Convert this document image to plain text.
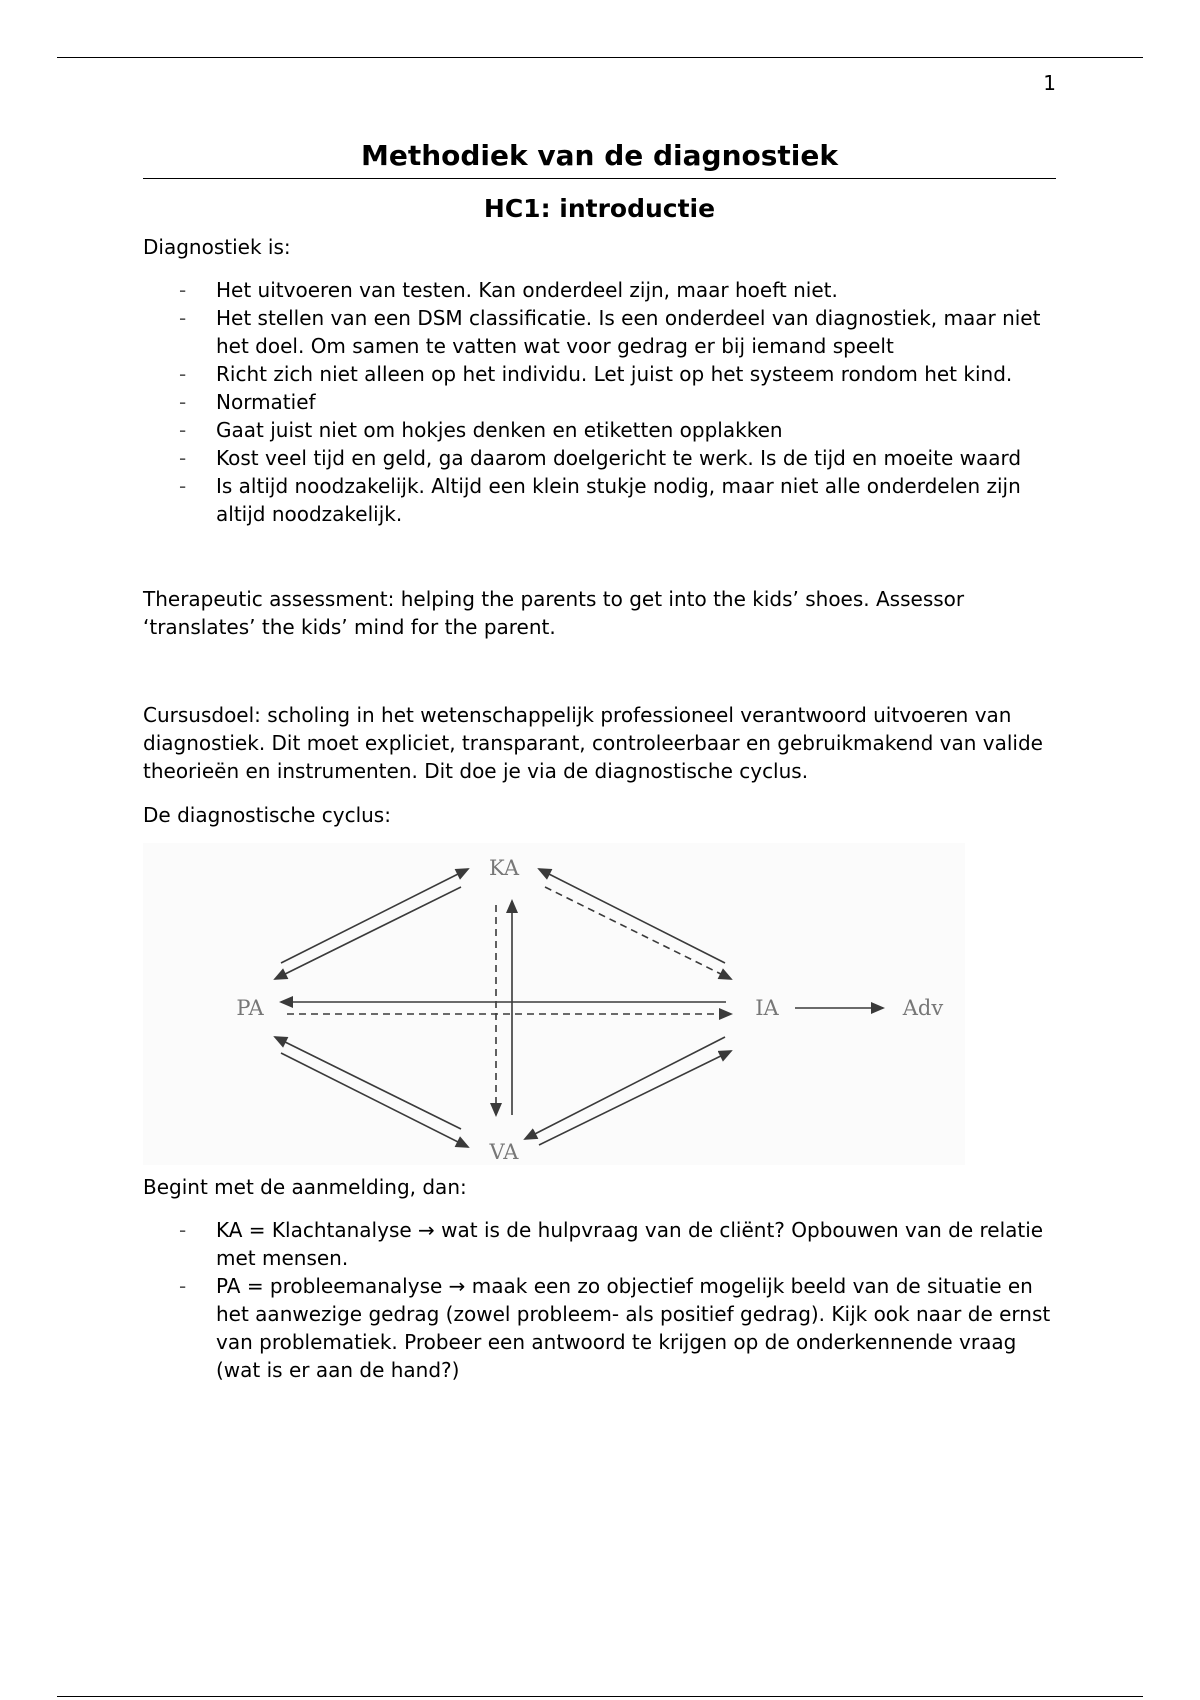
1
Methodiek van de diagnostiek
HC1: introductie

Diagnostiek is:

- Het uitvoeren van testen. Kan onderdeel zijn, maar hoeft niet.
- Het stellen van een DSM classificatie. Is een onderdeel van diagnostiek, maar niet het doel. Om samen te vatten wat voor gedrag er bij iemand speelt
- Richt zich niet alleen op het individu. Let juist op het systeem rondom het kind.
- Normatief
- Gaat juist niet om hokjes denken en etiketten opplakken
- Kost veel tijd en geld, ga daarom doelgericht te werk. Is de tijd en moeite waard
- Is altijd noodzakelijk. Altijd een klein stukje nodig, maar niet alle onderdelen zijn altijd noodzakelijk.

Therapeutic assessment: helping the parents to get into the kids’ shoes. Assessor ‘translates’ the kids’ mind for the parent.

Cursusdoel: scholing in het wetenschappelijk professioneel verantwoord uitvoeren van diagnostiek. Dit moet expliciet, transparant, controleerbaar en gebruikmakend van valide theorieën en instrumenten. Dit doe je via de diagnostische cyclus.

De diagnostische cyclus:

KA
PA	IA
VA
Adv

Begint met de aanmelding, dan:

- KA = Klachtanalyse → wat is de hulpvraag van de cliënt? Opbouwen van de relatie met mensen.
- PA = probleemanalyse → maak een zo objectief mogelijk beeld van de situatie en het aanwezige gedrag (zowel probleem- als positief gedrag). Kijk ook naar de ernst van problematiek. Probeer een antwoord te krijgen op de onderkennende vraag (wat is er aan de hand?)
